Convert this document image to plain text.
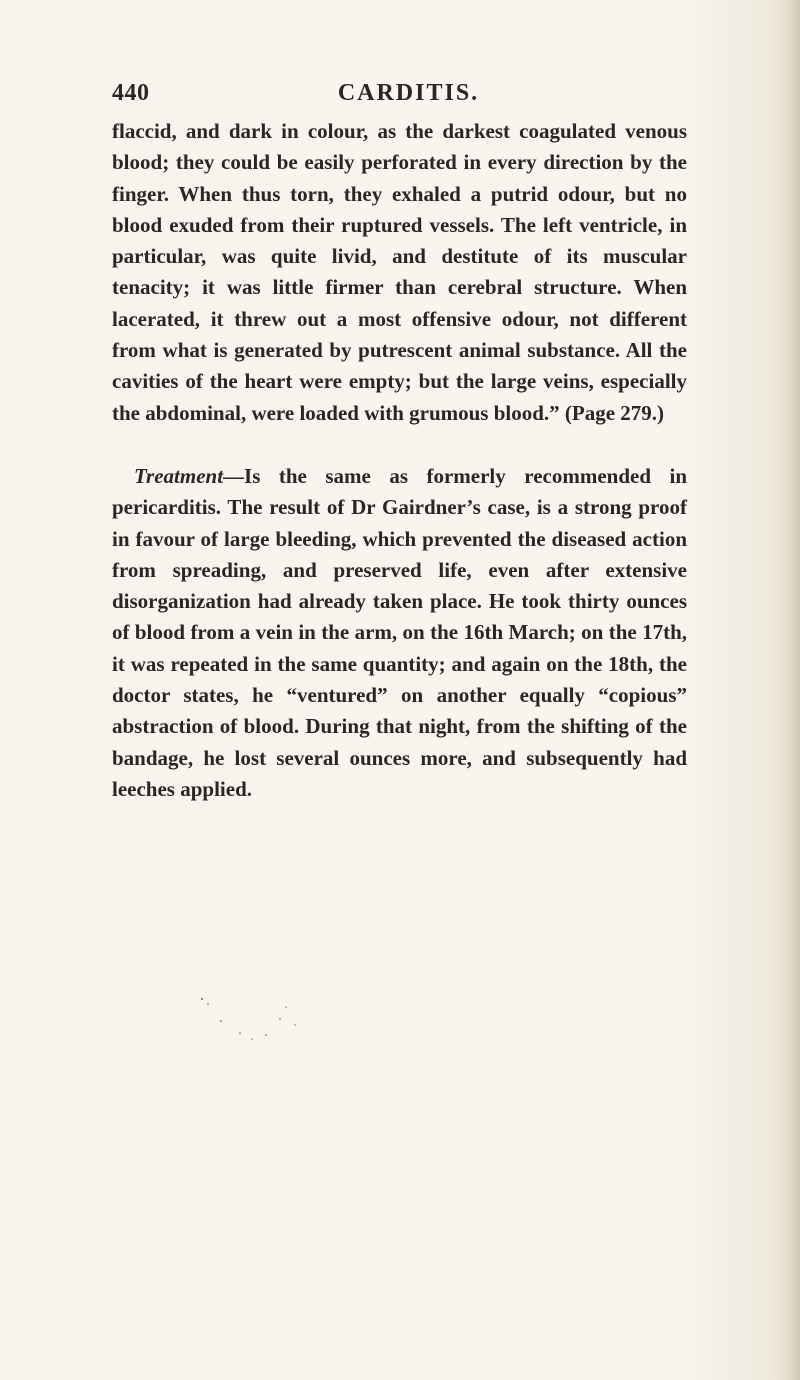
440	CARDITIS.

flaccid, and dark in colour, as the darkest coagulated venous blood; they could be easily perforated in every direction by the finger. When thus torn, they exhaled a putrid odour, but no blood exuded from their ruptured vessels. The left ventricle, in particular, was quite livid, and destitute of its muscular tenacity; it was little firmer than cerebral structure. When lacerated, it threw out a most offensive odour, not different from what is generated by putrescent animal substance. All the cavities of the heart were empty; but the large veins, especially the abdominal, were loaded with grumous blood.” (Page 279.)

Treatment—Is the same as formerly recommended in pericarditis. The result of Dr Gairdner’s case, is a strong proof in favour of large bleeding, which prevented the diseased action from spreading, and preserved life, even after extensive disorganization had already taken place. He took thirty ounces of blood from a vein in the arm, on the 16th March; on the 17th, it was repeated in the same quantity; and again on the 18th, the doctor states, he “ventured” on another equally “copious” abstraction of blood. During that night, from the shifting of the bandage, he lost several ounces more, and subsequently had leeches applied.
